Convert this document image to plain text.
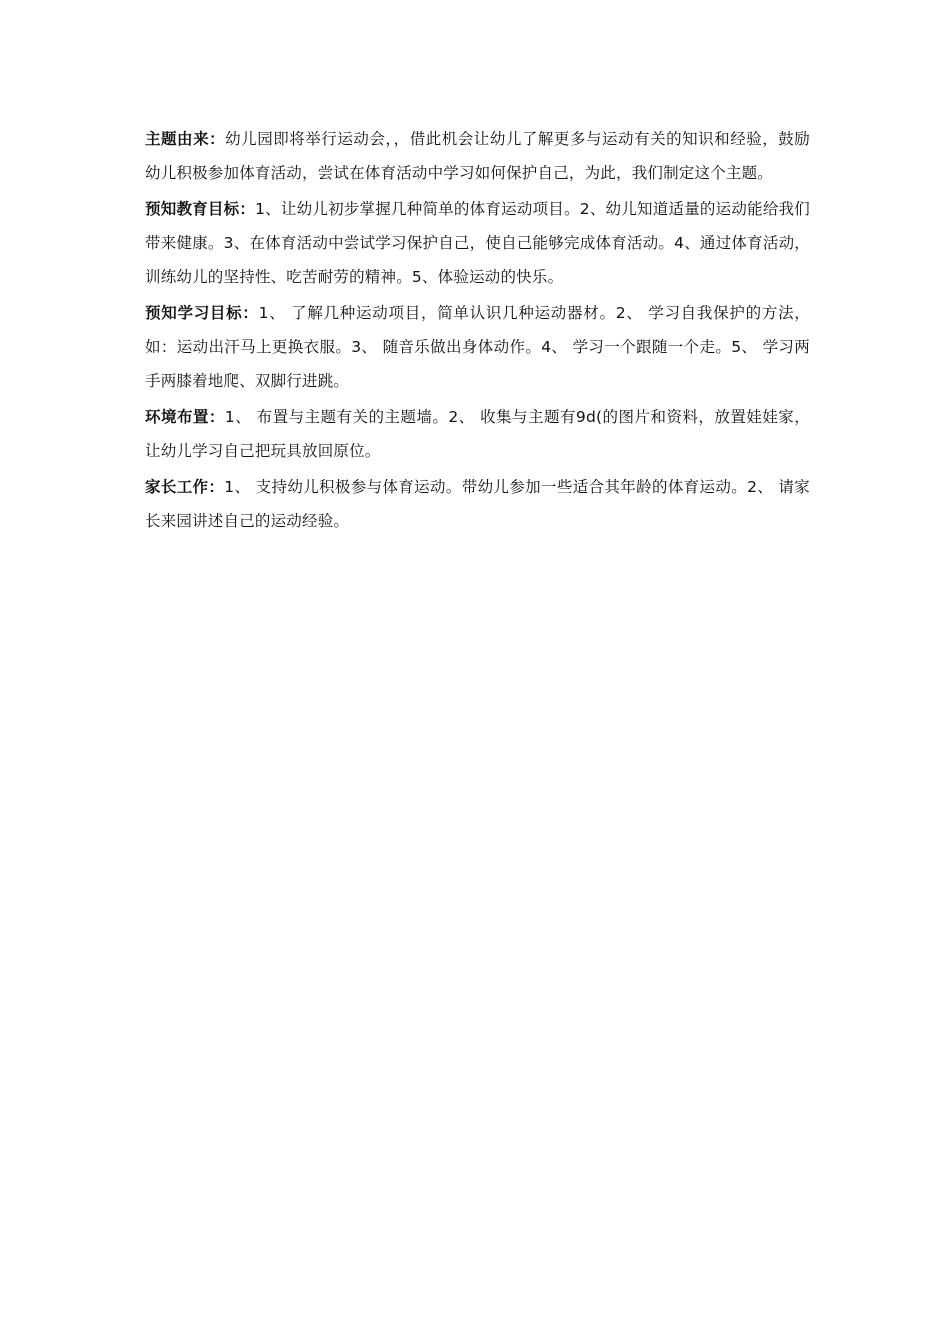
主题由来：幼儿园即将举行运动会，，借此机会让幼儿了解更多与运动有关的知识和经验，鼓励幼儿积极参加体育活动，尝试在体育活动中学习如何保护自己，为此，我们制定这个主题。

预知教育目标：1、让幼儿初步掌握几种简单的体育运动项目。2、幼儿知道适量的运动能给我们带来健康。3、在体育活动中尝试学习保护自己，使自己能够完成体育活动。4、通过体育活动，训练幼儿的坚持性、吃苦耐劳的精神。5、体验运动的快乐。

预知学习目标：1、 了解几种运动项目，简单认识几种运动器材。2、 学习自我保护的方法，如：运动出汗马上更换衣服。3、 随音乐做出身体动作。4、 学习一个跟随一个走。5、 学习两手两膝着地爬、双脚行进跳。

环境布置：1、 布置与主题有关的主题墙。2、 收集与主题有9d(的图片和资料，放置娃娃家，让幼儿学习自己把玩具放回原位。

家长工作：1、 支持幼儿积极参与体育运动。带幼儿参加一些适合其年龄的体育运动。2、 请家长来园讲述自己的运动经验。
